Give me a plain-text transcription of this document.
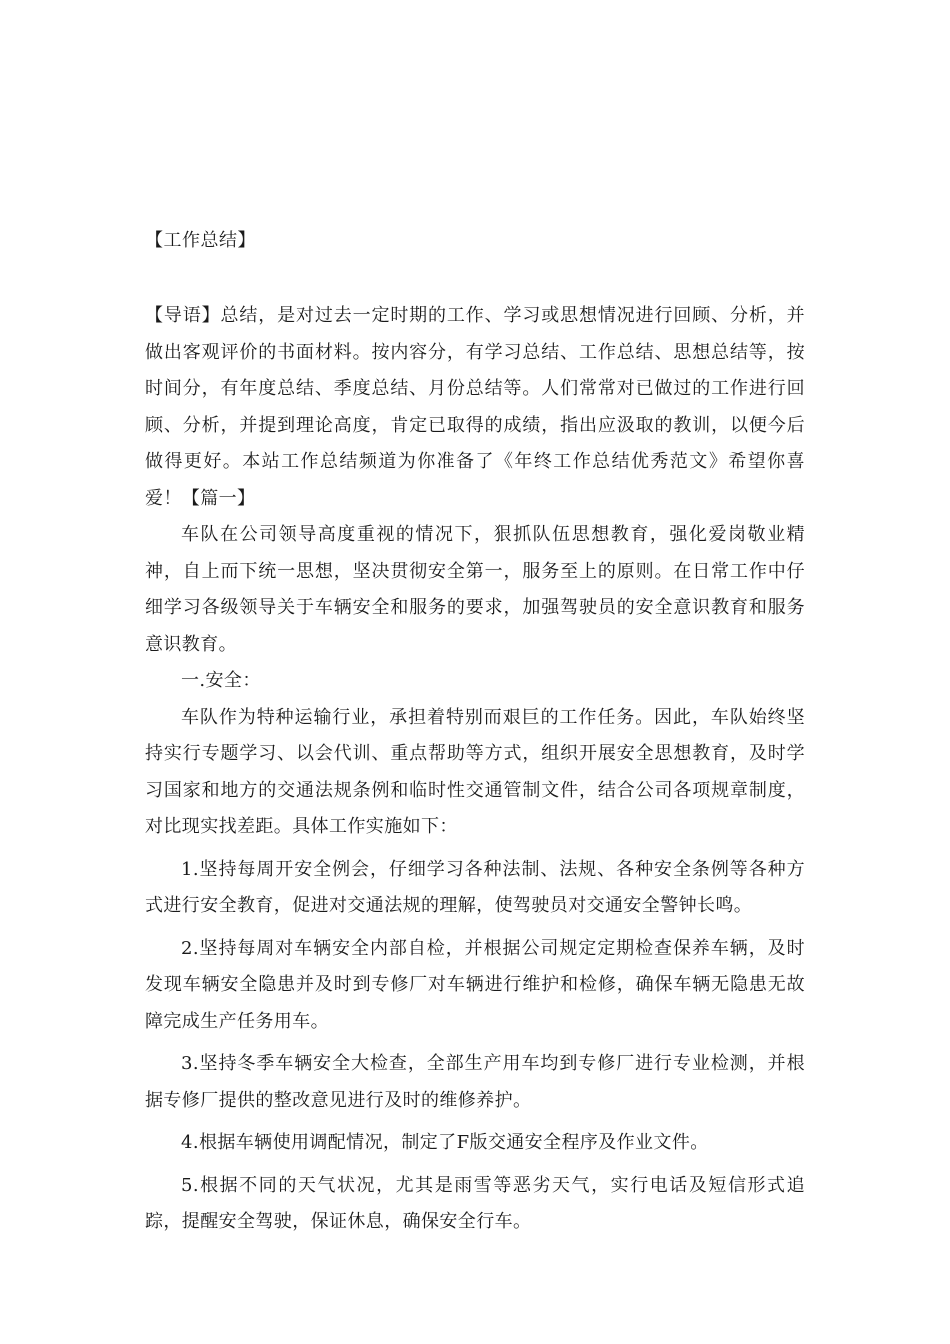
【工作总结】

【导语】总结，是对过去一定时期的工作、学习或思想情况进行回顾、分析，并做出客观评价的书面材料。按内容分，有学习总结、工作总结、思想总结等，按时间分，有年度总结、季度总结、月份总结等。人们常常对已做过的工作进行回顾、分析，并提到理论高度，肯定已取得的成绩，指出应汲取的教训，以便今后做得更好。本站工作总结频道为你准备了《年终工作总结优秀范文》希望你喜爱！【篇一】

车队在公司领导高度重视的情况下，狠抓队伍思想教育，强化爱岗敬业精神，自上而下统一思想，坚决贯彻安全第一，服务至上的原则。在日常工作中仔细学习各级领导关于车辆安全和服务的要求，加强驾驶员的安全意识教育和服务意识教育。

一.安全：

车队作为特种运输行业，承担着特别而艰巨的工作任务。因此，车队始终坚持实行专题学习、以会代训、重点帮助等方式，组织开展安全思想教育，及时学习国家和地方的交通法规条例和临时性交通管制文件，结合公司各项规章制度，对比现实找差距。具体工作实施如下：

1.坚持每周开安全例会，仔细学习各种法制、法规、各种安全条例等各种方式进行安全教育，促进对交通法规的理解，使驾驶员对交通安全警钟长鸣。

2.坚持每周对车辆安全内部自检，并根据公司规定定期检查保养车辆，及时发现车辆安全隐患并及时到专修厂对车辆进行维护和检修，确保车辆无隐患无故障完成生产任务用车。

3.坚持冬季车辆安全大检查，全部生产用车均到专修厂进行专业检测，并根据专修厂提供的整改意见进行及时的维修养护。

4.根据车辆使用调配情况，制定了F版交通安全程序及作业文件。

5.根据不同的天气状况，尤其是雨雪等恶劣天气，实行电话及短信形式追踪，提醒安全驾驶，保证休息，确保安全行车。
